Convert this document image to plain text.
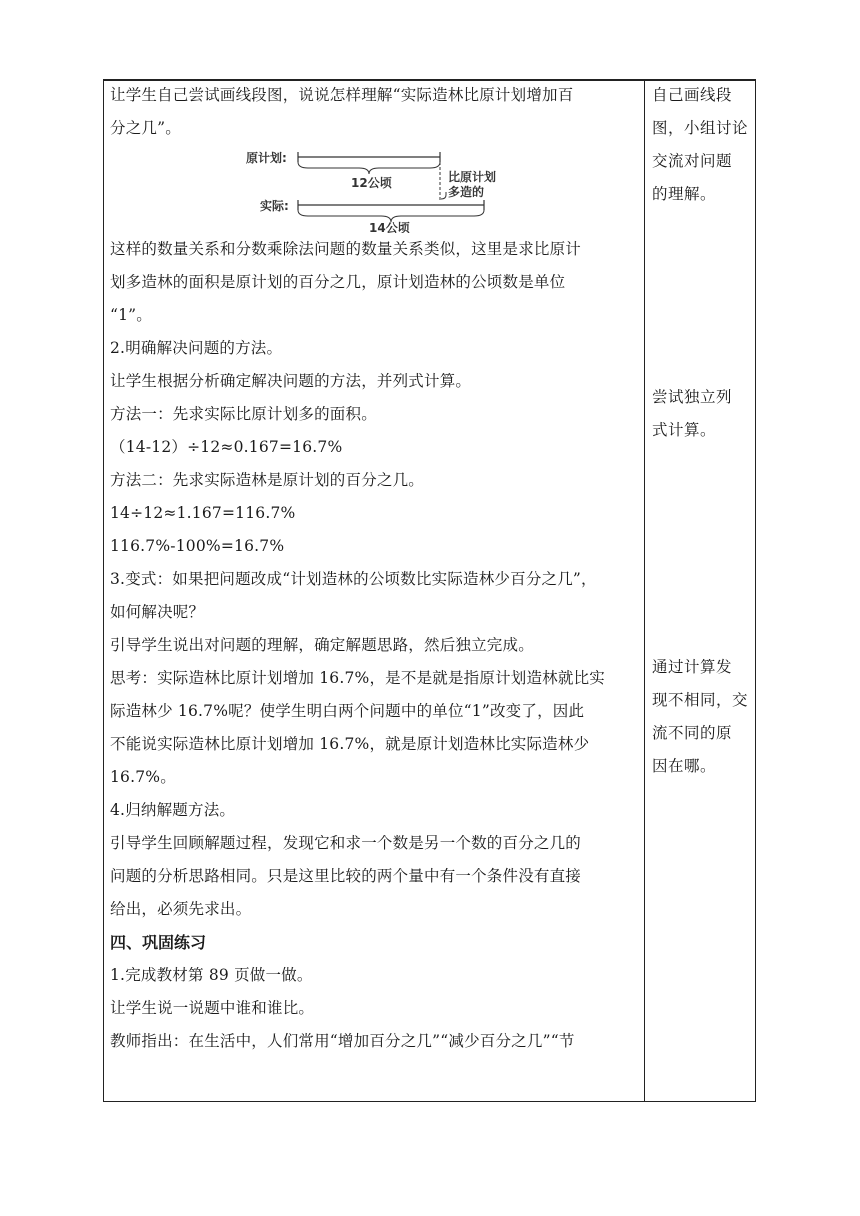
让学生自己尝试画线段图，说说怎样理解“实际造林比原计划增加百

分之几”。

原计划:
12公顷	比原计划
多造的
实际:
14公顷

这样的数量关系和分数乘除法问题的数量关系类似，这里是求比原计

划多造林的面积是原计划的百分之几，原计划造林的公顷数是单位

“1”。

2.明确解决问题的方法。

让学生根据分析确定解决问题的方法，并列式计算。

方法一：先求实际比原计划多的面积。

（14-12）÷12≈0.167=16.7%

方法二：先求实际造林是原计划的百分之几。

14÷12≈1.167=116.7%

116.7%-100%=16.7%

3.变式：如果把问题改成“计划造林的公顷数比实际造林少百分之几”，

如何解决呢？

引导学生说出对问题的理解，确定解题思路，然后独立完成。

思考：实际造林比原计划增加 16.7%，是不是就是指原计划造林就比实

际造林少 16.7%呢？使学生明白两个问题中的单位“1”改变了，因此

不能说实际造林比原计划增加 16.7%，就是原计划造林比实际造林少

16.7%。

4.归纳解题方法。

引导学生回顾解题过程，发现它和求一个数是另一个数的百分之几的

问题的分析思路相同。只是这里比较的两个量中有一个条件没有直接

给出，必须先求出。

四、巩固练习

1.完成教材第 89 页做一做。

让学生说一说题中谁和谁比。

教师指出：在生活中，人们常用“增加百分之几”“减少百分之几”“节

自己画线段

图，小组讨论

交流对问题

的理解。

尝试独立列

式计算。

通过计算发

现不相同，交

流不同的原

因在哪。
